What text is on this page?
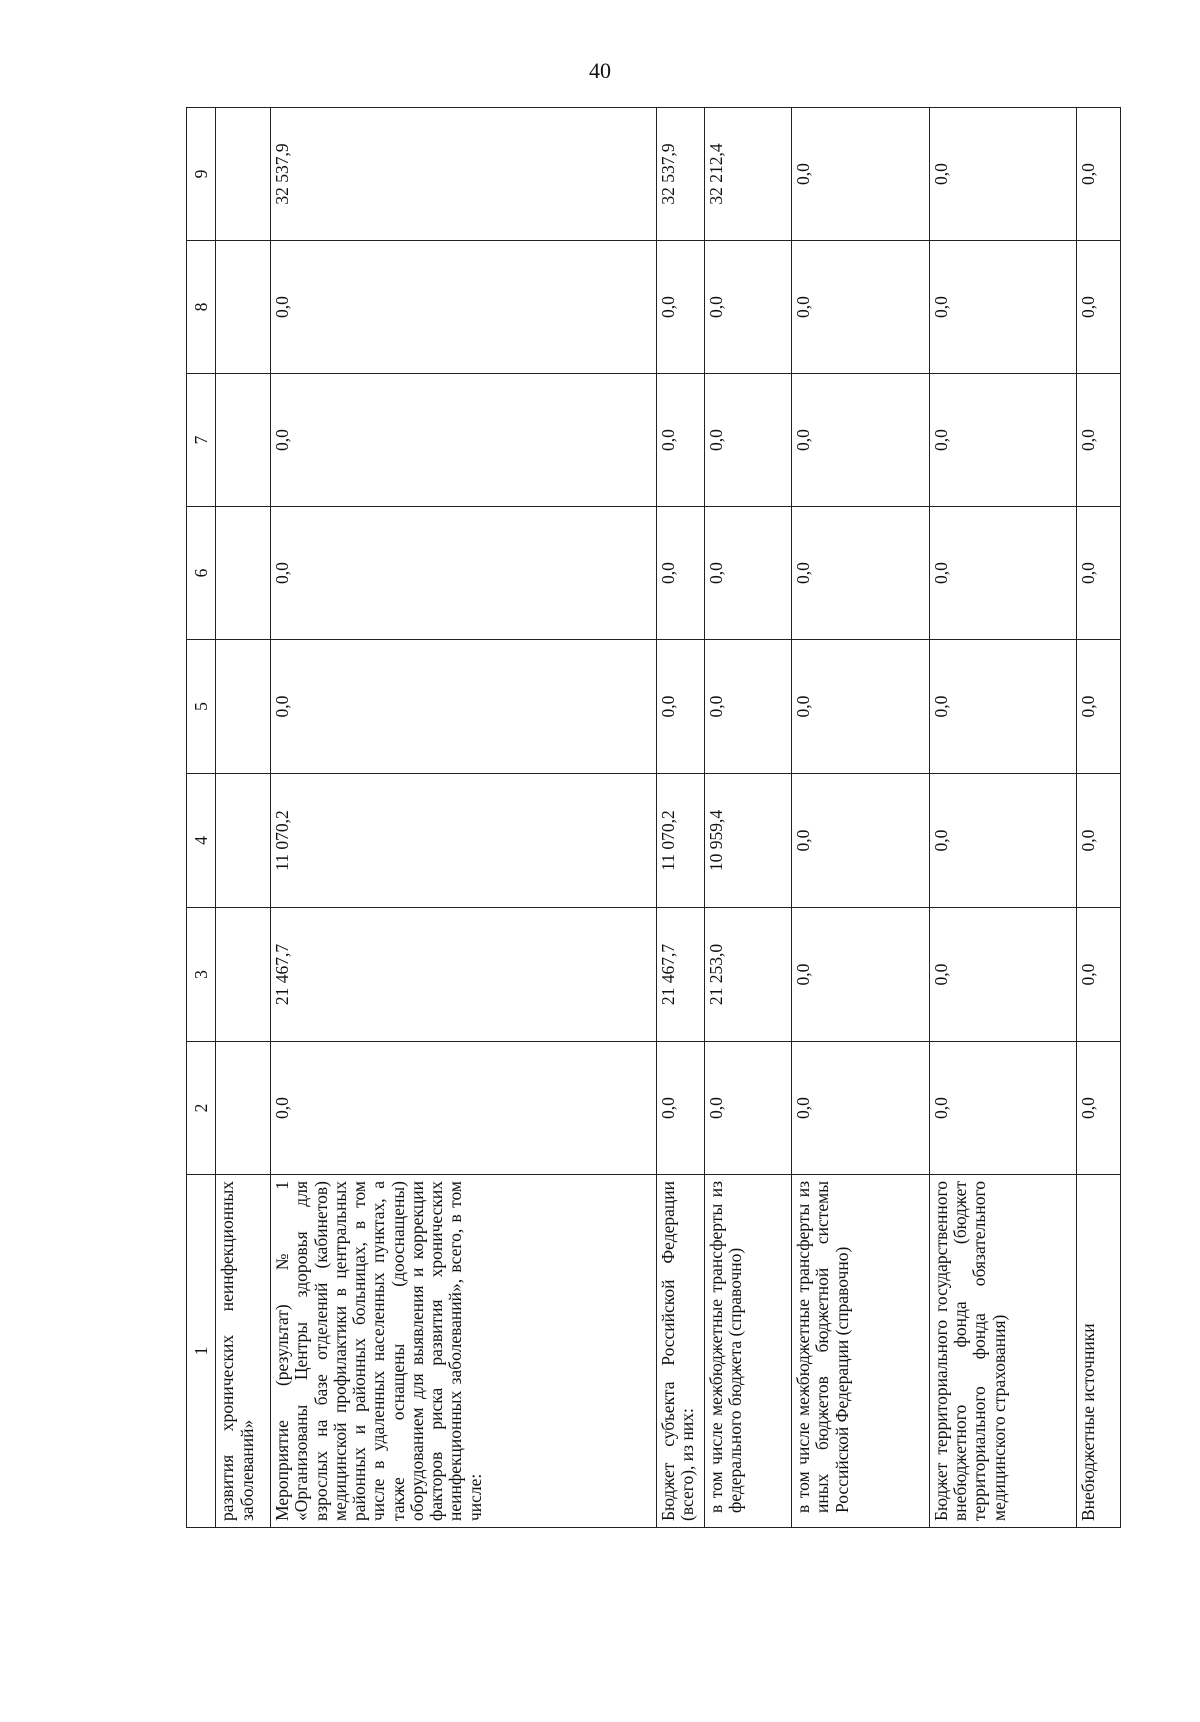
40
1	2	3	4	5	6	7	8	9
развития хронических неинфекционных заболеваний»								
Мероприятие (результат) № 1 «Организованы Центры здоровья для взрослых на базе отделений (кабинетов) медицинской профилактики в центральных районных и районных больницах, в том числе в удаленных населенных пунктах, а также оснащены (дооснащены) оборудованием для выявления и коррекции факторов риска развития хронических неинфекционных заболеваний», всего, в том числе:	0,0	21 467,7	11 070,2	0,0	0,0	0,0	0,0	32 537,9
Бюджет субъекта Российской Федерации (всего), из них:	0,0	21 467,7	11 070,2	0,0	0,0	0,0	0,0	32 537,9
в том числе межбюджетные трансферты из федерального бюджета (справочно)	0,0	21 253,0	10 959,4	0,0	0,0	0,0	0,0	32 212,4
в том числе межбюджетные трансферты из иных бюджетов бюджетной системы Российской Федерации (справочно)	0,0	0,0	0,0	0,0	0,0	0,0	0,0	0,0
Бюджет территориального государственного внебюджетного фонда (бюджет территориального фонда обязательного медицинского страхования)	0,0	0,0	0,0	0,0	0,0	0,0	0,0	0,0
Внебюджетные источники	0,0	0,0	0,0	0,0	0,0	0,0	0,0	0,0
